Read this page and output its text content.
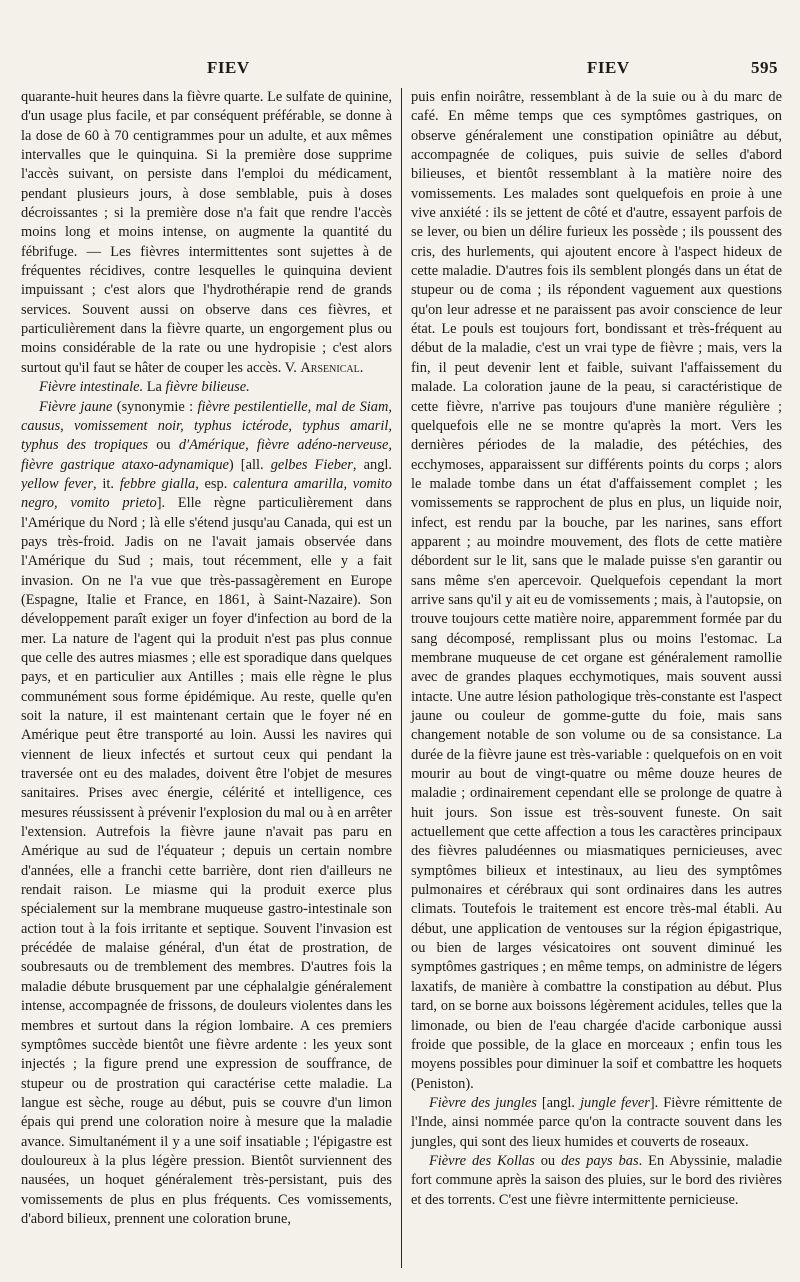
FIEV	FIEV	595

quarante-huit heures dans la fièvre quarte. Le sulfate de quinine, d'un usage plus facile, et par conséquent préférable, se donne à la dose de 60 à 70 centigrammes pour un adulte, et aux mêmes intervalles que le quinquina. Si la première dose supprime l'accès suivant, on persiste dans l'emploi du médicament, pendant plusieurs jours, à dose semblable, puis à doses décroissantes ; si la première dose n'a fait que rendre l'accès moins long et moins intense, on augmente la quantité du fébrifuge. — Les fièvres intermittentes sont sujettes à de fréquentes récidives, contre lesquelles le quinquina devient impuissant ; c'est alors que l'hydrothérapie rend de grands services. Souvent aussi on observe dans ces fièvres, et particulièrement dans la fièvre quarte, un engorgement plus ou moins considérable de la rate ou une hydropisie ; c'est alors surtout qu'il faut se hâter de couper les accès. V. Arsenical.

Fièvre intestinale. La fièvre bilieuse.

Fièvre jaune (synonymie : fièvre pestilentielle, mal de Siam, causus, vomissement noir, typhus ictérode, typhus amaril, typhus des tropiques ou d'Amérique, fièvre adéno-nerveuse, fièvre gastrique ataxo-adynamique) [all. gelbes Fieber, angl. yellow fever, it. febbre gialla, esp. calentura amarilla, vomito negro, vomito prieto]. Elle règne particulièrement dans l'Amérique du Nord ; là elle s'étend jusqu'au Canada, qui est un pays très-froid. Jadis on ne l'avait jamais observée dans l'Amérique du Sud ; mais, tout récemment, elle y a fait invasion. On ne l'a vue que très-passagèrement en Europe (Espagne, Italie et France, en 1861, à Saint-Nazaire). Son développement paraît exiger un foyer d'infection au bord de la mer. La nature de l'agent qui la produit n'est pas plus connue que celle des autres miasmes ; elle est sporadique dans quelques pays, et en particulier aux Antilles ; mais elle règne le plus communément sous forme épidémique. Au reste, quelle qu'en soit la nature, il est maintenant certain que le foyer né en Amérique peut être transporté au loin. Aussi les navires qui viennent de lieux infectés et surtout ceux qui pendant la traversée ont eu des malades, doivent être l'objet de mesures sanitaires. Prises avec énergie, célérité et intelligence, ces mesures réussissent à prévenir l'explosion du mal ou à en arrêter l'extension. Autrefois la fièvre jaune n'avait pas paru en Amérique au sud de l'équateur ; depuis un certain nombre d'années, elle a franchi cette barrière, dont rien d'ailleurs ne rendait raison. Le miasme qui la produit exerce plus spécialement sur la membrane muqueuse gastro-intestinale son action tout à la fois irritante et septique. Souvent l'invasion est précédée de malaise général, d'un état de prostration, de soubresauts ou de tremblement des membres. D'autres fois la maladie débute brusquement par une céphalalgie généralement intense, accompagnée de frissons, de douleurs violentes dans les membres et surtout dans la région lombaire. A ces premiers symptômes succède bientôt une fièvre ardente : les yeux sont injectés ; la figure prend une expression de souffrance, de stupeur ou de prostration qui caractérise cette maladie. La langue est sèche, rouge au début, puis se couvre d'un limon épais qui prend une coloration noire à mesure que la maladie avance. Simultanément il y a une soif insatiable ; l'épigastre est douloureux à la plus légère pression. Bientôt surviennent des nausées, un hoquet généralement très-persistant, puis des vomissements de plus en plus fréquents. Ces vomissements, d'abord bilieux, prennent une coloration brune,

puis enfin noirâtre, ressemblant à de la suie ou à du marc de café. En même temps que ces symptômes gastriques, on observe généralement une constipation opiniâtre au début, accompagnée de coliques, puis suivie de selles d'abord bilieuses, et bientôt ressemblant à la matière noire des vomissements. Les malades sont quelquefois en proie à une vive anxiété : ils se jettent de côté et d'autre, essayent parfois de se lever, ou bien un délire furieux les possède ; ils poussent des cris, des hurlements, qui ajoutent encore à l'aspect hideux de cette maladie. D'autres fois ils semblent plongés dans un état de stupeur ou de coma ; ils répondent vaguement aux questions qu'on leur adresse et ne paraissent pas avoir conscience de leur état. Le pouls est toujours fort, bondissant et très-fréquent au début de la maladie, c'est un vrai type de fièvre ; mais, vers la fin, il peut devenir lent et faible, suivant l'affaissement du malade. La coloration jaune de la peau, si caractéristique de cette fièvre, n'arrive pas toujours d'une manière régulière ; quelquefois elle ne se montre qu'après la mort. Vers les dernières périodes de la maladie, des pétéchies, des ecchymoses, apparaissent sur différents points du corps ; alors le malade tombe dans un état d'affaissement complet ; les vomissements se rapprochent de plus en plus, un liquide noir, infect, est rendu par la bouche, par les narines, sans effort apparent ; au moindre mouvement, des flots de cette matière débordent sur le lit, sans que le malade puisse s'en garantir ou sans même s'en apercevoir. Quelquefois cependant la mort arrive sans qu'il y ait eu de vomissements ; mais, à l'autopsie, on trouve toujours cette matière noire, apparemment formée par du sang décomposé, remplissant plus ou moins l'estomac. La membrane muqueuse de cet organe est généralement ramollie avec de grandes plaques ecchymotiques, mais souvent aussi intacte. Une autre lésion pathologique très-constante est l'aspect jaune ou couleur de gomme-gutte du foie, mais sans changement notable de son volume ou de sa consistance. La durée de la fièvre jaune est très-variable : quelquefois on en voit mourir au bout de vingt-quatre ou même douze heures de maladie ; ordinairement cependant elle se prolonge de quatre à huit jours. Son issue est très-souvent funeste. On sait actuellement que cette affection a tous les caractères principaux des fièvres paludéennes ou miasmatiques pernicieuses, avec symptômes bilieux et intestinaux, au lieu des symptômes pulmonaires et cérébraux qui sont ordinaires dans les autres climats. Toutefois le traitement est encore très-mal établi. Au début, une application de ventouses sur la région épigastrique, ou bien de larges vésicatoires ont souvent diminué les symptômes gastriques ; en même temps, on administre de légers laxatifs, de manière à combattre la constipation au début. Plus tard, on se borne aux boissons légèrement acidules, telles que la limonade, ou bien de l'eau chargée d'acide carbonique aussi froide que possible, de la glace en morceaux ; enfin tous les moyens possibles pour diminuer la soif et combattre les hoquets (Peniston).

Fièvre des jungles [angl. jungle fever]. Fièvre rémittente de l'Inde, ainsi nommée parce qu'on la contracte souvent dans les jungles, qui sont des lieux humides et couverts de roseaux.

Fièvre des Kollas ou des pays bas. En Abyssinie, maladie fort commune après la saison des pluies, sur le bord des rivières et des torrents. C'est une fièvre intermittente pernicieuse.
